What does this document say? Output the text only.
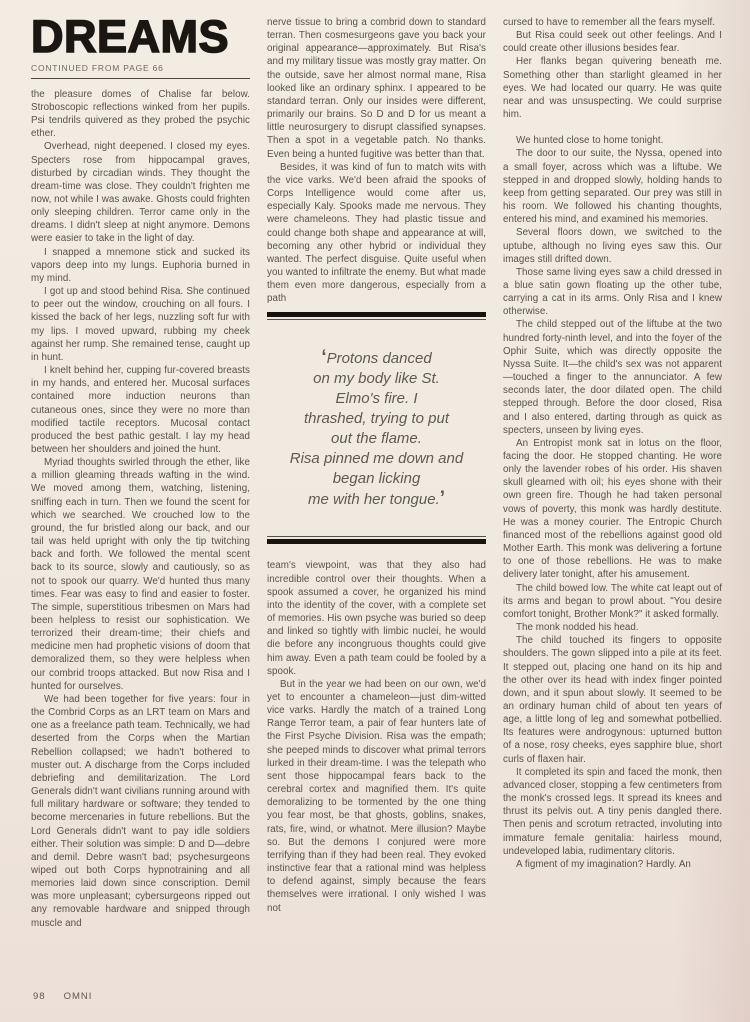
DREAMS
CONTINUED FROM PAGE 66

the pleasure domes of Chalise far below. Stroboscopic reflections winked from her pupils. Psi tendrils quivered as they probed the psychic ether.

Overhead, night deepened. I closed my eyes. Specters rose from hippocampal graves, disturbed by circadian winds. They thought the dream-time was close. They couldn't frighten me now, not while I was awake. Ghosts could frighten only sleeping children. Terror came only in the dreams. I didn't sleep at night anymore. Demons were easier to take in the light of day.

I snapped a mnemone stick and sucked its vapors deep into my lungs. Euphoria burned in my mind.

I got up and stood behind Risa. She continued to peer out the window, crouching on all fours. I kissed the back of her legs, nuzzling soft fur with my lips. I moved upward, rubbing my cheek against her rump. She remained tense, caught up in hunt.

I knelt behind her, cupping fur-covered breasts in my hands, and entered her. Mucosal surfaces contained more induction neurons than cutaneous ones, since they were no more than modified tactile receptors. Mucosal contact produced the best pathic gestalt. I lay my head between her shoulders and joined the hunt.

Myriad thoughts swirled through the ether, like a million gleaming threads wafting in the wind. We moved among them, watching, listening, sniffing each in turn. Then we found the scent for which we searched. We crouched low to the ground, the fur bristled along our back, and our tail was held upright with only the tip twitching back and forth. We followed the mental scent back to its source, slowly and cautiously, so as not to spook our quarry. We'd hunted thus many times. Fear was easy to find and easier to foster. The simple, superstitious tribesmen on Mars had been helpless to resist our sophistication. We terrorized their dream-time; their chiefs and medicine men had prophetic visions of doom that demoralized them, so they were helpless when our combrid troops attacked. But now Risa and I hunted for ourselves.

We had been together for five years: four in the Combrid Corps as an LRT team on Mars and one as a freelance path team. Technically, we had deserted from the Corps when the Martian Rebellion collapsed; we hadn't bothered to muster out. A discharge from the Corps included debriefing and demilitarization. The Lord Generals didn't want civilians running around with full military hardware or software; they tended to become mercenaries in future rebellions. But the Lord Generals didn't want to pay idle soldiers either. Their solution was simple: D and D—debre and demil. Debre wasn't bad; psychesurgeons wiped out both Corps hypnotraining and all memories laid down since conscription. Demil was more unpleasant; cybersurgeons ripped out any removable hardware and snipped through muscle and

nerve tissue to bring a combrid down to standard terran. Then cosmesurgeons gave you back your original appearance—approximately. But Risa's and my military tissue was mostly gray matter. On the outside, save her almost normal mane, Risa looked like an ordinary sphinx. I appeared to be standard terran. Only our insides were different, primarily our brains. So D and D for us meant a little neurosurgery to disrupt classified synapses. Then a spot in a vegetable patch. No thanks. Even being a hunted fugitive was better than that.

Besides, it was kind of fun to match wits with the vice varks. We'd been afraid the spooks of Corps Intelligence would come after us, especially Kaly. Spooks made me nervous. They were chameleons. They had plastic tissue and could change both shape and appearance at will, becoming any other hybrid or individual they wanted. The perfect disguise. Quite useful when you wanted to infiltrate the enemy. But what made them even more dangerous, especially from a path

‘Protons danced
on my body like St.
Elmo's fire. I
thrashed, trying to put
out the flame.
Risa pinned me down and
began licking
me with her tongue.’

team's viewpoint, was that they also had incredible control over their thoughts. When a spook assumed a cover, he organized his mind into the identity of the cover, with a complete set of memories. His own psyche was buried so deep and linked so tightly with limbic nuclei, he would die before any incongruous thoughts could give him away. Even a path team could be fooled by a spook.

But in the year we had been on our own, we'd yet to encounter a chameleon—just dim-witted vice varks. Hardly the match of a trained Long Range Terror team, a pair of fear hunters late of the First Psyche Division. Risa was the empath; she peeped minds to discover what primal terrors lurked in their dream-time. I was the telepath who sent those hippocampal fears back to the cerebral cortex and magnified them. It's quite demoralizing to be tormented by the one thing you fear most, be that ghosts, goblins, snakes, rats, fire, wind, or whatnot. Mere illusion? Maybe so. But the demons I conjured were more terrifying than if they had been real. They evoked instinctive fear that a rational mind was helpless to defend against, simply because the fears themselves were irrational. I only wished I was not

cursed to have to remember all the fears myself.

But Risa could seek out other feelings. And I could create other illusions besides fear.

Her flanks began quivering beneath me. Something other than starlight gleamed in her eyes. We had located our quarry. He was quite near and was unsuspecting. We could surprise him.

We hunted close to home tonight.

The door to our suite, the Nyssa, opened into a small foyer, across which was a liftube. We stepped in and dropped slowly, holding hands to keep from getting separated. Our prey was still in his room. We followed his chanting thoughts, entered his mind, and examined his memories.

Several floors down, we switched to the uptube, although no living eyes saw this. Our images still drifted down.

Those same living eyes saw a child dressed in a blue satin gown floating up the other tube, carrying a cat in its arms. Only Risa and I knew otherwise.

The child stepped out of the liftube at the two hundred forty-ninth level, and into the foyer of the Ophir Suite, which was directly opposite the Nyssa Suite. It—the child's sex was not apparent—touched a finger to the annunciator. A few seconds later, the door dilated open. The child stepped through. Before the door closed, Risa and I also entered, darting through as quick as specters, unseen by living eyes.

An Entropist monk sat in lotus on the floor, facing the door. He stopped chanting. He wore only the lavender robes of his order. His shaven skull gleamed with oil; his eyes shone with their own green fire. Though he had taken personal vows of poverty, this monk was hardly destitute. He was a money courier. The Entropic Church financed most of the rebellions against good old Mother Earth. This monk was delivering a fortune to one of those rebellions. He was to make delivery later tonight, after his amusement.

The child bowed low. The white cat leapt out of its arms and began to prowl about. "You desire comfort tonight, Brother Monk?" it asked formally.

The monk nodded his head.

The child touched its fingers to opposite shoulders. The gown slipped into a pile at its feet. It stepped out, placing one hand on its hip and the other over its head with index finger pointed down, and it spun about slowly. It seemed to be an ordinary human child of about ten years of age, a little long of leg and somewhat potbellied. Its features were androgynous: upturned button of a nose, rosy cheeks, eyes sapphire blue, short curls of flaxen hair.

It completed its spin and faced the monk, then advanced closer, stopping a few centimeters from the monk's crossed legs. It spread its knees and thrust its pelvis out. A tiny penis dangled there. Then penis and scrotum retracted, involuting into immature female genitalia: hairless mound, undeveloped labia, rudimentary clitoris.

A figment of my imagination? Hardly. An

98 OMNI
